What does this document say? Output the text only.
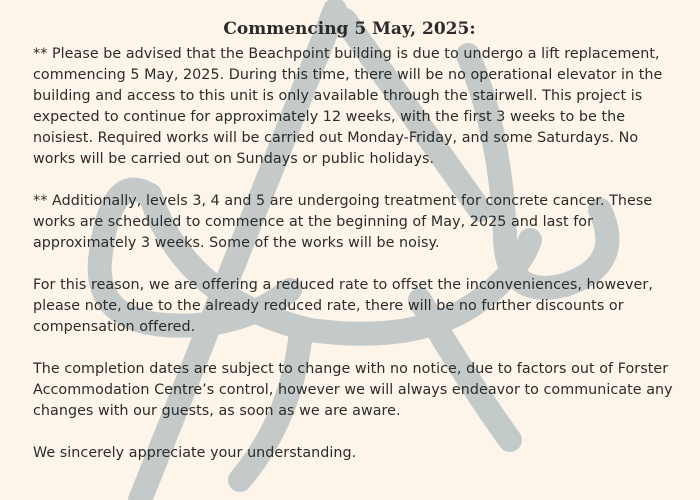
Commencing 5 May, 2025:

** Please be advised that the Beachpoint building is due to undergo a lift replacement, commencing 5 May, 2025. During this time, there will be no operational elevator in the building and access to this unit is only available through the stairwell. This project is expected to continue for approximately 12 weeks, with the first 3 weeks to be the noisiest. Required works will be carried out Monday-Friday, and some Saturdays. No works will be carried out on Sundays or public holidays.

** Additionally, levels 3, 4 and 5 are undergoing treatment for concrete cancer. These works are scheduled to commence at the beginning of May, 2025 and last for approximately 3 weeks. Some of the works will be noisy.

For this reason, we are offering a reduced rate to offset the inconveniences, however, please note, due to the already reduced rate, there will be no further discounts or compensation offered.

The completion dates are subject to change with no notice, due to factors out of Forster Accommodation Centre’s control, however we will always endeavor to communicate any changes with our guests, as soon as we are aware.

We sincerely appreciate your understanding.
